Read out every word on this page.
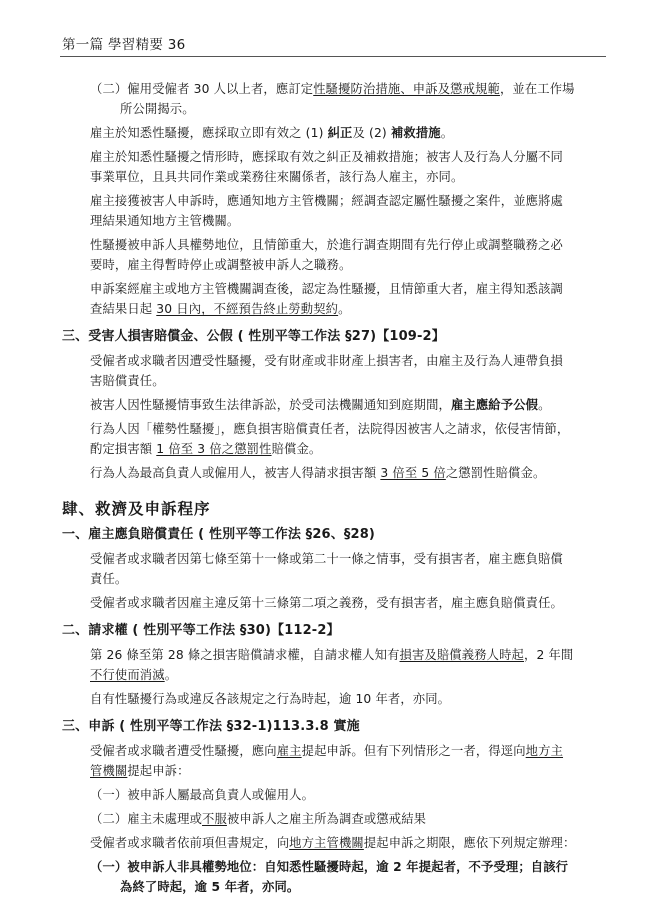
第一篇 學習精要 36
（二）僱用受僱者 30 人以上者，應訂定性騷擾防治措施、申訴及懲戒規範，並在工作場
所公開揭示。
雇主於知悉性騷擾，應採取立即有效之 (1) 糾正及 (2) 補救措施。
雇主於知悉性騷擾之情形時，應採取有效之糾正及補救措施；被害人及行為人分屬不同
事業單位，且具共同作業或業務往來關係者，該行為人雇主，亦同。
雇主接獲被害人申訴時，應通知地方主管機關；經調查認定屬性騷擾之案件，並應將處
理結果通知地方主管機關。
性騷擾被申訴人具權勢地位，且情節重大，於進行調查期間有先行停止或調整職務之必
要時，雇主得暫時停止或調整被申訴人之職務。
申訴案經雇主或地方主管機關調查後，認定為性騷擾，且情節重大者，雇主得知悉該調
查結果日起 30 日內，不經預告終止勞動契約。
三、受害人損害賠償金、公假 ( 性別平等工作法 §27)【109-2】
受僱者或求職者因遭受性騷擾，受有財產或非財產上損害者，由雇主及行為人連帶負損
害賠償責任。
被害人因性騷擾情事致生法律訴訟，於受司法機關通知到庭期間，雇主應給予公假。
行為人因「權勢性騷擾」，應負損害賠償責任者，法院得因被害人之請求，依侵害情節，
酌定損害額 1 倍至 3 倍之懲罰性賠償金。
行為人為最高負責人或僱用人，被害人得請求損害額 3 倍至 5 倍之懲罰性賠償金。
肆、救濟及申訴程序
一、雇主應負賠償責任 ( 性別平等工作法 §26、§28)
受僱者或求職者因第七條至第十一條或第二十一條之情事，受有損害者，雇主應負賠償
責任。
受僱者或求職者因雇主違反第十三條第二項之義務，受有損害者，雇主應負賠償責任。
二、請求權 ( 性別平等工作法 §30)【112-2】
第 26 條至第 28 條之損害賠償請求權，自請求權人知有損害及賠償義務人時起，2 年間
不行使而消滅。
自有性騷擾行為或違反各該規定之行為時起，逾 10 年者，亦同。
三、申訴 ( 性別平等工作法 §32-1)113.3.8 實施
受僱者或求職者遭受性騷擾，應向雇主提起申訴。但有下列情形之一者，得逕向地方主
管機關提起申訴：
（一）被申訴人屬最高負責人或僱用人。
（二）雇主未處理或不服被申訴人之雇主所為調查或懲戒結果
受僱者或求職者依前項但書規定，向地方主管機關提起申訴之期限，應依下列規定辦理：
（一）被申訴人非具權勢地位：自知悉性騷擾時起，逾 2 年提起者，不予受理；自該行
為終了時起，逾 5 年者，亦同。
